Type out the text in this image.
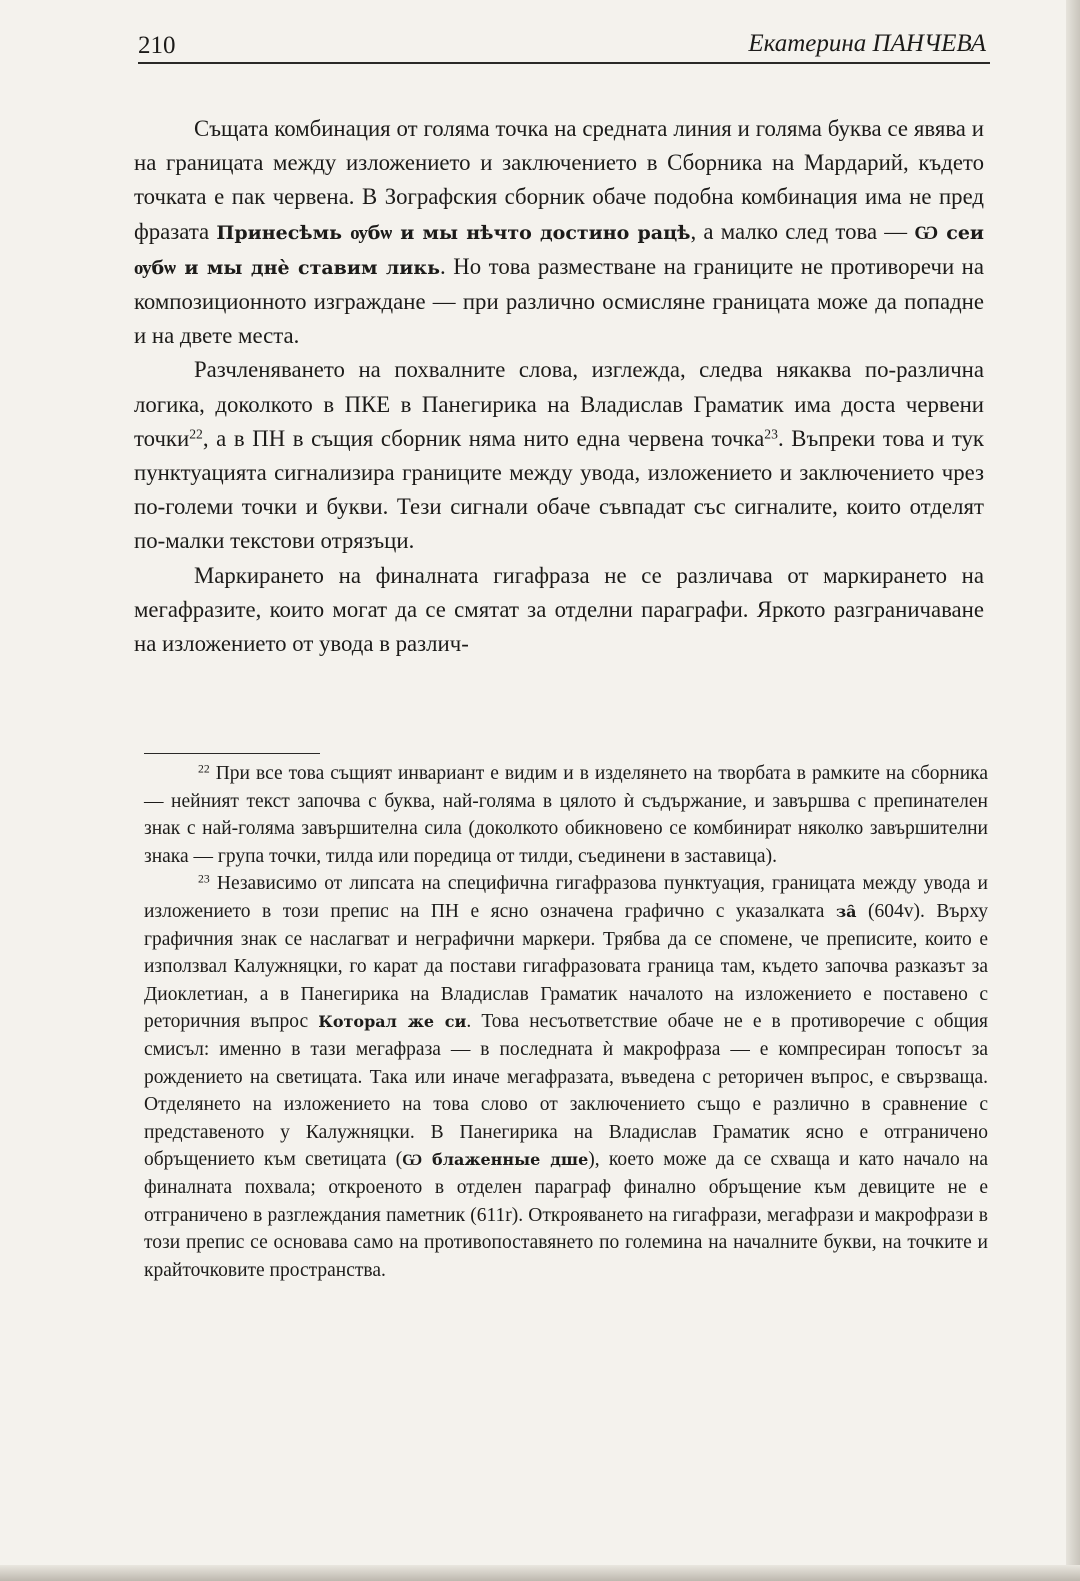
210	Екатерина ПАНЧЕВА

Същата комбинация от голяма точка на средната линия и голяма буква се явява и на границата между изложението и заключението в Сборника на Мардарий, където точката е пак червена. В Зографския сборник обаче подобна комбинация има не пред фразата Принесѣмь ѹбѡ и мы нѣчто достино рацѣ, а малко след това — Ѡ сеи ѹбѡ и мы днѐ ставим ликь. Но това разместване на границите не противоречи на композиционното изграждане — при различно осмисляне границата може да попадне и на двете места.

Разчленяването на похвалните слова, изглежда, следва някаква по-различна логика, доколкото в ПКЕ в Панегирика на Владислав Граматик има доста червени точки$^{22}$, а в ПН в същия сборник няма нито една червена точка$^{23}$. Въпреки това и тук пунктуацията сигнализира границите между увода, изложението и заключението чрез по-големи точки и букви. Тези сигнали обаче съвпадат със сигналите, които отделят по-малки текстови отрязъци.

Маркирането на финалната гигафраза не се различава от маркирането на мегафразите, които могат да се смятат за отделни параграфи. Яркото разграничаване на изложението от увода в различ-

$^{22}$ При все това същият инвариант е видим и в изделянето на творбата в рамките на сборника — нейният текст започва с буква, най-голяма в цялото ѝ съдържание, и завършва с препинателен знак с най-голяма завършителна сила (доколкото обикновено се комбинират няколко завършителни знака — група точки, тилда или поредица от тилди, съединени в заставица).

$^{23}$ Независимо от липсата на специфична гигафразова пунктуация, границата между увода и изложението в този препис на ПН е ясно означена графично с указалката за̑ (604v). Върху графичния знак се наслагват и неграфични маркери. Трябва да се спомене, че преписите, които е използвал Калужняцки, го карат да постави гигафразовата граница там, където започва разказът за Диоклетиан, а в Панегирика на Владислав Граматик началото на изложението е поставено с реторичния въпрос Которал же си. Това несъответствие обаче не е в противоречие с общия смисъл: именно в тази мегафраза — в последната ѝ макрофраза — е компресиран топосът за рождението на светицата. Така или иначе мегафразата, въведена с реторичен въпрос, е свързваща. Отделянето на изложението на това слово от заключението също е различно в сравнение с представеното у Калужняцки. В Панегирика на Владислав Граматик ясно е отграничено обръщението към светицата (Ѡ блаженные дше), което може да се схваща и като начало на финалната похвала; откроеното в отделен параграф финално обръщение към девиците не е отграничено в разглеждания паметник (611r). Открояването на гигафрази, мегафрази и макрофрази в този препис се основава само на противопоставянето по големина на началните букви, на точките и крайточковите пространства.
